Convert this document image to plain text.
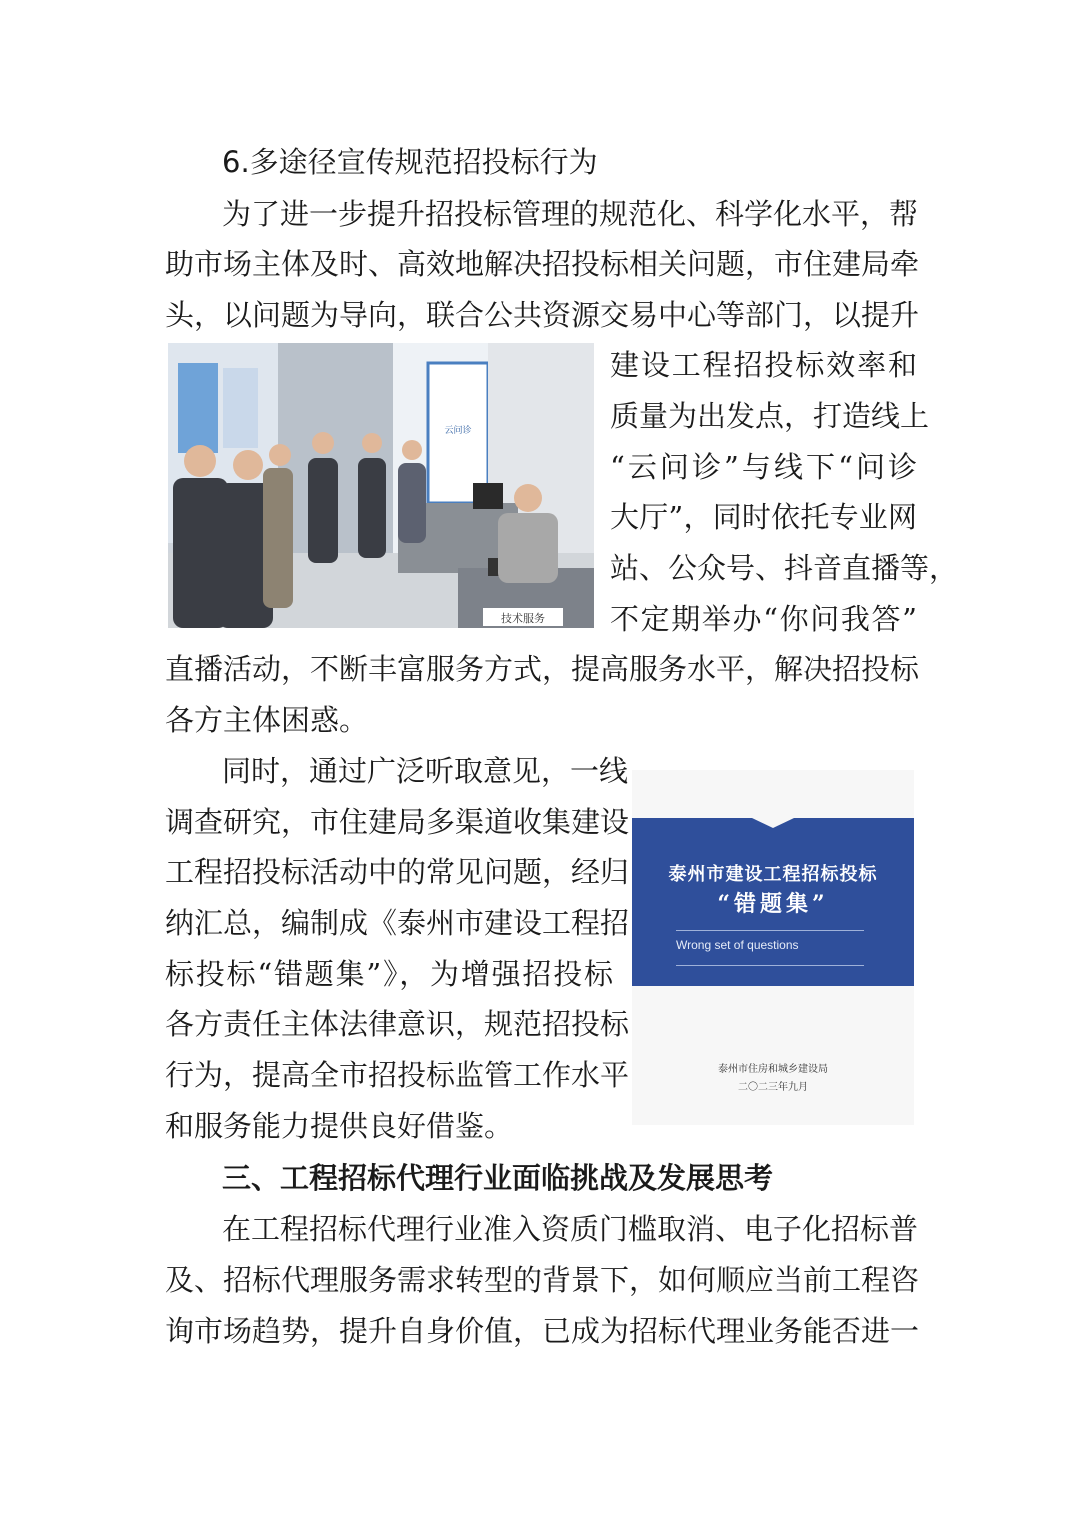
6.多途径宣传规范招投标行为
为了进一步提升招投标管理的规范化、科学化水平，帮
助市场主体及时、高效地解决招投标相关问题，市住建局牵
头，以问题为导向，联合公共资源交易中心等部门，以提升
建设工程招投标效率和
质量为出发点，打造线上
“云问诊”与线下“问诊
大厅”，同时依托专业网
站、公众号、抖音直播等，
不定期举办“你问我答”
直播活动，不断丰富服务方式，提高服务水平，解决招投标
各方主体困惑。
云问诊
技术服务
同时，通过广泛听取意见，一线
调查研究，市住建局多渠道收集建设
工程招投标活动中的常见问题，经归
纳汇总，编制成《泰州市建设工程招
标投标“错题集”》，为增强招投标
各方责任主体法律意识，规范招投标
行为，提高全市招投标监管工作水平
和服务能力提供良好借鉴。
泰州市建设工程招标投标
“错题集”
Wrong set of questions
泰州市住房和城乡建设局
二〇二三年九月
三、工程招标代理行业面临挑战及发展思考
在工程招标代理行业准入资质门槛取消、电子化招标普
及、招标代理服务需求转型的背景下，如何顺应当前工程咨
询市场趋势，提升自身价值，已成为招标代理业务能否进一
